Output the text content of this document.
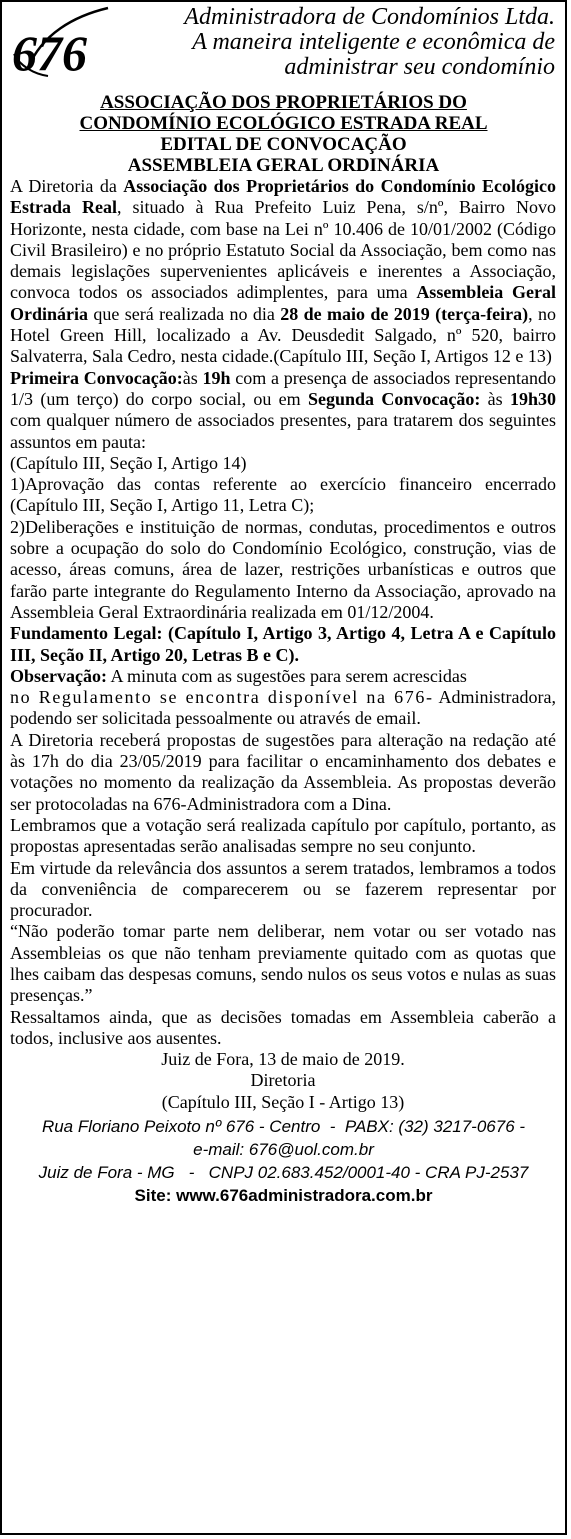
676
Administradora de Condomínios Ltda.
A maneira inteligente e econômica de
administrar seu condomínio
ASSOCIAÇÃO DOS PROPRIETÁRIOS DO
CONDOMÍNIO ECOLÓGICO ESTRADA REAL
EDITAL DE CONVOCAÇÃO
ASSEMBLEIA GERAL ORDINÁRIA

A Diretoria da Associação dos Proprietários do Condomínio Ecológico Estrada Real, situado à Rua Prefeito Luiz Pena, s/nº, Bairro Novo Horizonte, nesta cidade, com base na Lei nº 10.406 de 10/01/2002 (Código Civil Brasileiro) e no próprio Estatuto Social da Associação, bem como nas demais legislações supervenientes aplicáveis e inerentes a Associação, convoca todos os associados adimplentes, para uma Assembleia Geral Ordinária que será realizada no dia 28 de maio de 2019 (terça-feira), no Hotel Green Hill, localizado a Av. Deusdedit Salgado, nº 520, bairro Salvaterra, Sala Cedro, nesta cidade.(Capítulo III, Seção I, Artigos 12 e 13)

Primeira Convocação:às 19h com a presença de associados representando 1/3 (um terço) do corpo social, ou em Segunda Convocação: às 19h30 com qualquer número de associados presentes, para tratarem dos seguintes assuntos em pauta:

(Capítulo III, Seção I, Artigo 14)

1)Aprovação das contas referente ao exercício financeiro encerrado (Capítulo III, Seção I, Artigo 11, Letra C);

2)Deliberações e instituição de normas, condutas, procedimentos e outros sobre a ocupação do solo do Condomínio Ecológico, construção, vias de acesso, áreas comuns, área de lazer, restrições urbanísticas e outros que farão parte integrante do Regulamento Interno da Associação, aprovado na Assembleia Geral Extraordinária realizada em 01/12/2004.

Fundamento Legal: (Capítulo I, Artigo 3, Artigo 4, Letra A e Capítulo III, Seção II, Artigo 20, Letras B e C).

Observação: A minuta com as sugestões para serem acrescidas
no Regulamento se encontra disponível na 676- Administradora, podendo ser solicitada pessoalmente ou através de email.

A Diretoria receberá propostas de sugestões para alteração na redação até às 17h do dia 23/05/2019 para facilitar o encaminhamento dos debates e votações no momento da realização da Assembleia. As propostas deverão ser protocoladas na 676-Administradora com a Dina.

Lembramos que a votação será realizada capítulo por capítulo, portanto, as propostas apresentadas serão analisadas sempre no seu conjunto.

Em virtude da relevância dos assuntos a serem tratados, lembramos a todos da conveniência de comparecerem ou se fazerem representar por procurador.

“Não poderão tomar parte nem deliberar, nem votar ou ser votado nas Assembleias os que não tenham previamente quitado com as quotas que lhes caibam das despesas comuns, sendo nulos os seus votos e nulas as suas presenças.”

Ressaltamos ainda, que as decisões tomadas em Assembleia caberão a todos, inclusive aos ausentes.

Juiz de Fora, 13 de maio de 2019.

Diretoria

(Capítulo III, Seção I - Artigo 13)

Rua Floriano Peixoto nº 676 - Centro  -  PABX: (32) 3217-0676 -
e-mail: 676@uol.com.br
Juiz de Fora - MG   -   CNPJ 02.683.452/0001-40 - CRA PJ-2537
Site: www.676administradora.com.br
